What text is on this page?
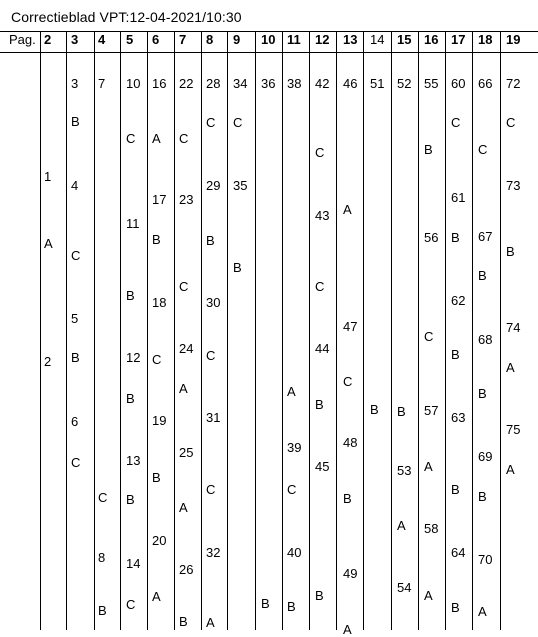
Correctieblad VPT:12-04-2021/10:30
Pag. 2
1
A
2
3
3
B
4
C
5
B
6
C
4
7
C
8
B
5
10
C
11
B
12
B
13
B
14
C
6
16
A
17
B
18
C
19
B
20
A
7
22
C
23
C
24
A
25
A
26
B
8
28
C
29
B
30
C
31
C
32
A
9
34
C
35
B
10
36
B
11
38
A
39
C
40
B
12
42
C
43
C
44
B
45
B
13
46
A
47
C
48
B
49
A
14
51
B
15
52
B
53
A
54
16
55
B
56
C
57
A
58
A
17
60
C
61
B
62
B
63
B
64
B
18
66
C
67
B
68
B
69
B
70
A
19
72
C
73
B
74
A
75
A
